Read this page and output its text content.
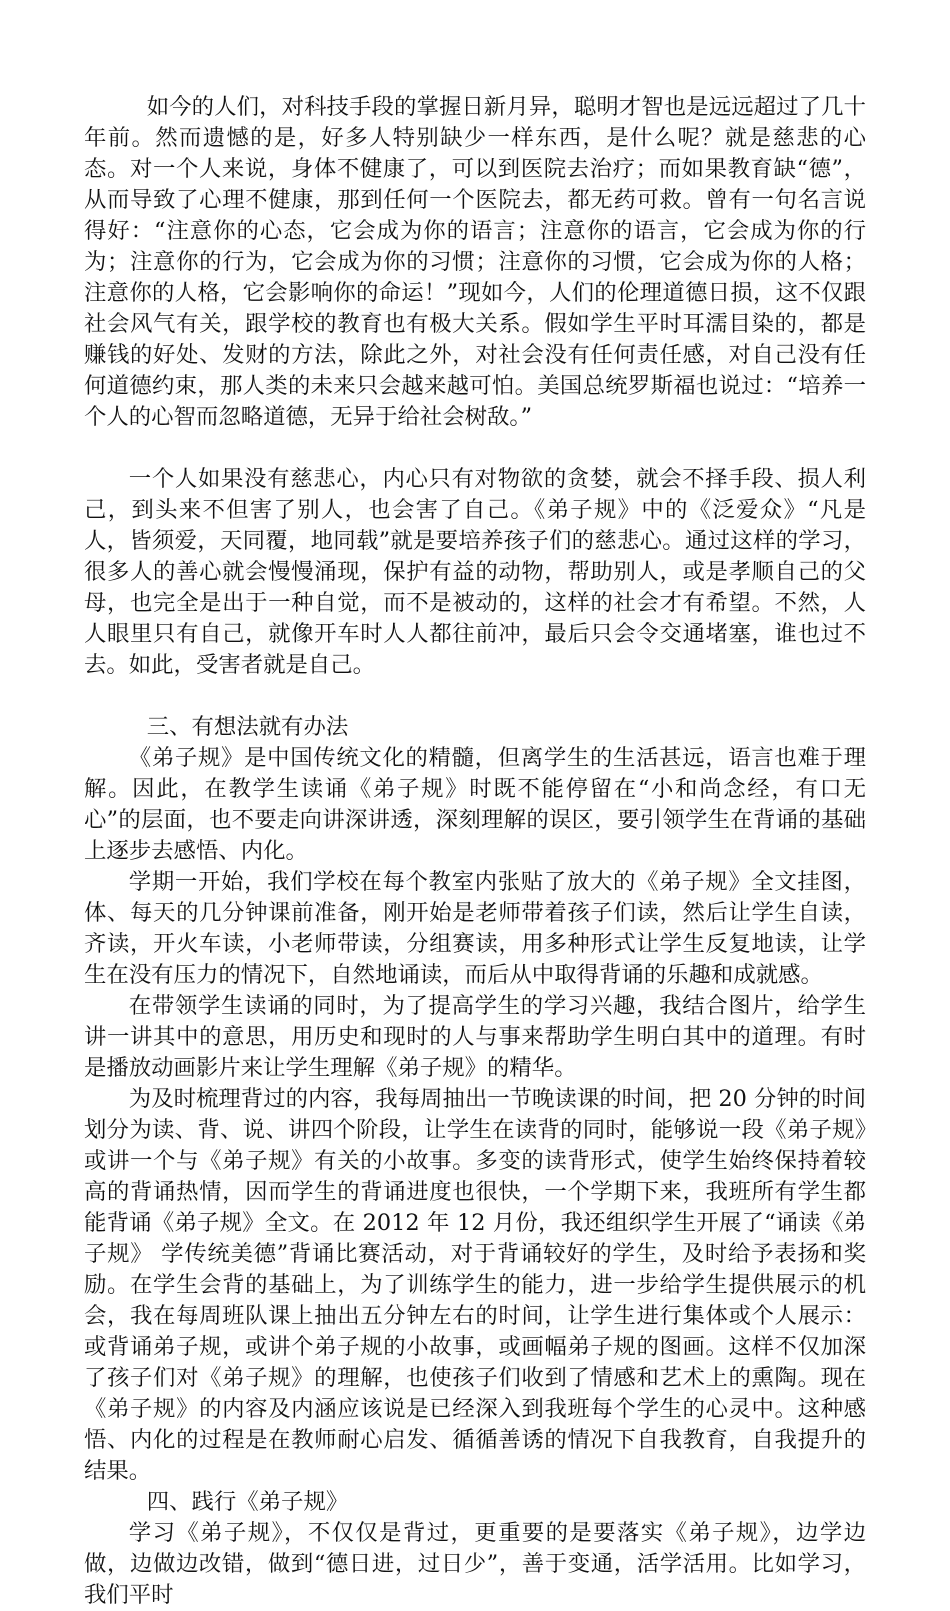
如今的人们，对科技手段的掌握日新月异，聪明才智也是远远超过了几十年前。然而遗憾的是，好多人特别缺少一样东西，是什么呢？就是慈悲的心态。对一个人来说，身体不健康了，可以到医院去治疗；而如果教育缺“德”，从而导致了心理不健康，那到任何一个医院去，都无药可救。曾有一句名言说得好：“注意你的心态，它会成为你的语言；注意你的语言，它会成为你的行为；注意你的行为，它会成为你的习惯；注意你的习惯，它会成为你的人格；注意你的人格，它会影响你的命运！”现如今，人们的伦理道德日损，这不仅跟社会风气有关，跟学校的教育也有极大关系。假如学生平时耳濡目染的，都是赚钱的好处、发财的方法，除此之外，对社会没有任何责任感，对自己没有任何道德约束，那人类的未来只会越来越可怕。美国总统罗斯福也说过：“培养一个人的心智而忽略道德，无异于给社会树敌。”

一个人如果没有慈悲心，内心只有对物欲的贪婪，就会不择手段、损人利己，到头来不但害了别人，也会害了自己。《弟子规》中的《泛爱众》“凡是人，皆须爱，天同覆，地同载”就是要培养孩子们的慈悲心。通过这样的学习，很多人的善心就会慢慢涌现，保护有益的动物，帮助别人，或是孝顺自己的父母，也完全是出于一种自觉，而不是被动的，这样的社会才有希望。不然，人人眼里只有自己，就像开车时人人都往前冲，最后只会令交通堵塞，谁也过不去。如此，受害者就是自己。

三、有想法就有办法

《弟子规》是中国传统文化的精髓，但离学生的生活甚远，语言也难于理解。因此，在教学生读诵《弟子规》时既不能停留在“小和尚念经，有口无心”的层面，也不要走向讲深讲透，深刻理解的误区，要引领学生在背诵的基础上逐步去感悟、内化。

学期一开始，我们学校在每个教室内张贴了放大的《弟子规》全文挂图，体、每天的几分钟课前准备，刚开始是老师带着孩子们读，然后让学生自读，齐读，开火车读，小老师带读，分组赛读，用多种形式让学生反复地读，让学生在没有压力的情况下，自然地诵读，而后从中取得背诵的乐趣和成就感。

在带领学生读诵的同时，为了提高学生的学习兴趣，我结合图片，给学生讲一讲其中的意思，用历史和现时的人与事来帮助学生明白其中的道理。有时是播放动画影片来让学生理解《弟子规》的精华。

为及时梳理背过的内容，我每周抽出一节晚读课的时间，把 20 分钟的时间划分为读、背、说、讲四个阶段，让学生在读背的同时，能够说一段《弟子规》或讲一个与《弟子规》有关的小故事。多变的读背形式，使学生始终保持着较高的背诵热情，因而学生的背诵进度也很快，一个学期下来，我班所有学生都能背诵《弟子规》全文。在 2012 年 12 月份，我还组织学生开展了“诵读《弟子规》 学传统美德”背诵比赛活动，对于背诵较好的学生，及时给予表扬和奖励。在学生会背的基础上，为了训练学生的能力，进一步给学生提供展示的机会，我在每周班队课上抽出五分钟左右的时间，让学生进行集体或个人展示：或背诵弟子规，或讲个弟子规的小故事，或画幅弟子规的图画。这样不仅加深了孩子们对《弟子规》的理解，也使孩子们收到了情感和艺术上的熏陶。现在《弟子规》的内容及内涵应该说是已经深入到我班每个学生的心灵中。这种感悟、内化的过程是在教师耐心启发、循循善诱的情况下自我教育，自我提升的结果。

四、践行《弟子规》

学习《弟子规》，不仅仅是背过，更重要的是要落实《弟子规》，边学边做，边做边改错，做到“德日进，过日少”，善于变通，活学活用。比如学习，我们平时
